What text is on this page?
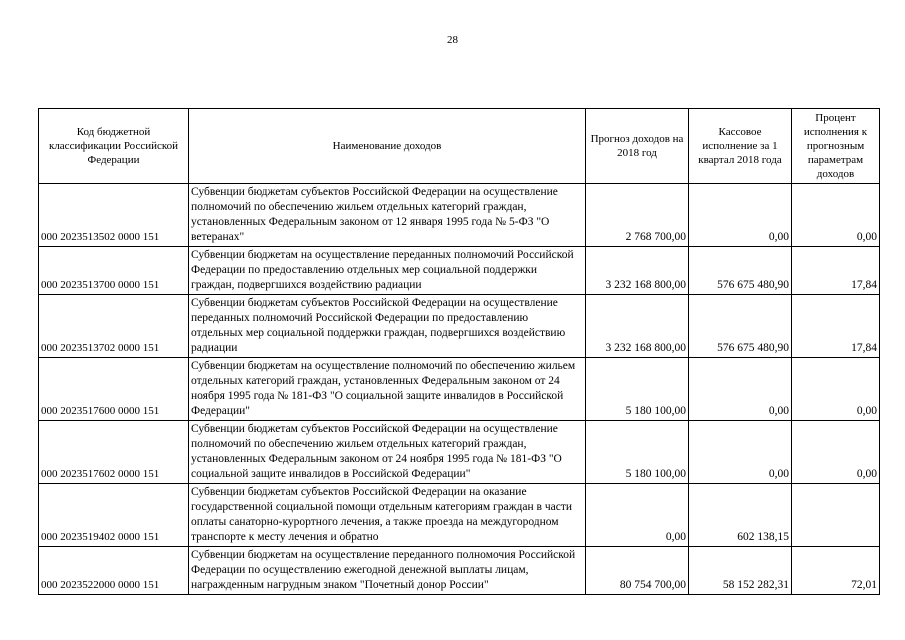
28
Код бюджетной классификации Российской Федерации	Наименование доходов	Прогноз доходов на 2018 год	Кассовое исполнение за 1 квартал 2018 года	Процент исполнения к прогнозным параметрам доходов
000 2023513502 0000 151	Субвенции бюджетам субъектов Российской Федерации на осуществление полномочий по обеспечению жильем отдельных категорий граждан, установленных Федеральным законом от 12 января 1995 года № 5-ФЗ "О ветеранах"	2 768 700,00	0,00	0,00
000 2023513700 0000 151	Субвенции бюджетам на осуществление переданных полномочий Российской Федерации по предоставлению отдельных мер социальной поддержки граждан, подвергшихся воздействию радиации	3 232 168 800,00	576 675 480,90	17,84
000 2023513702 0000 151	Субвенции бюджетам субъектов Российской Федерации на осуществление переданных полномочий Российской Федерации по предоставлению отдельных мер социальной поддержки граждан, подвергшихся воздействию радиации	3 232 168 800,00	576 675 480,90	17,84
000 2023517600 0000 151	Субвенции бюджетам на осуществление полномочий по обеспечению жильем отдельных категорий граждан, установленных Федеральным законом от 24 ноября 1995 года № 181-ФЗ "О социальной защите инвалидов в Российской Федерации"	5 180 100,00	0,00	0,00
000 2023517602 0000 151	Субвенции бюджетам субъектов Российской Федерации на осуществление полномочий по обеспечению жильем отдельных категорий граждан, установленных Федеральным законом от 24 ноября 1995 года № 181-ФЗ "О социальной защите инвалидов в Российской Федерации"	5 180 100,00	0,00	0,00
000 2023519402 0000 151	Субвенции бюджетам субъектов Российской Федерации на оказание государственной социальной помощи отдельным категориям граждан в части оплаты санаторно-курортного лечения, а также проезда на междугородном транспорте к месту лечения и обратно	0,00	602 138,15	
000 2023522000 0000 151	Субвенции бюджетам на осуществление переданного полномочия Российской Федерации по осуществлению ежегодной денежной выплаты лицам, награжденным нагрудным знаком "Почетный донор России"	80 754 700,00	58 152 282,31	72,01
